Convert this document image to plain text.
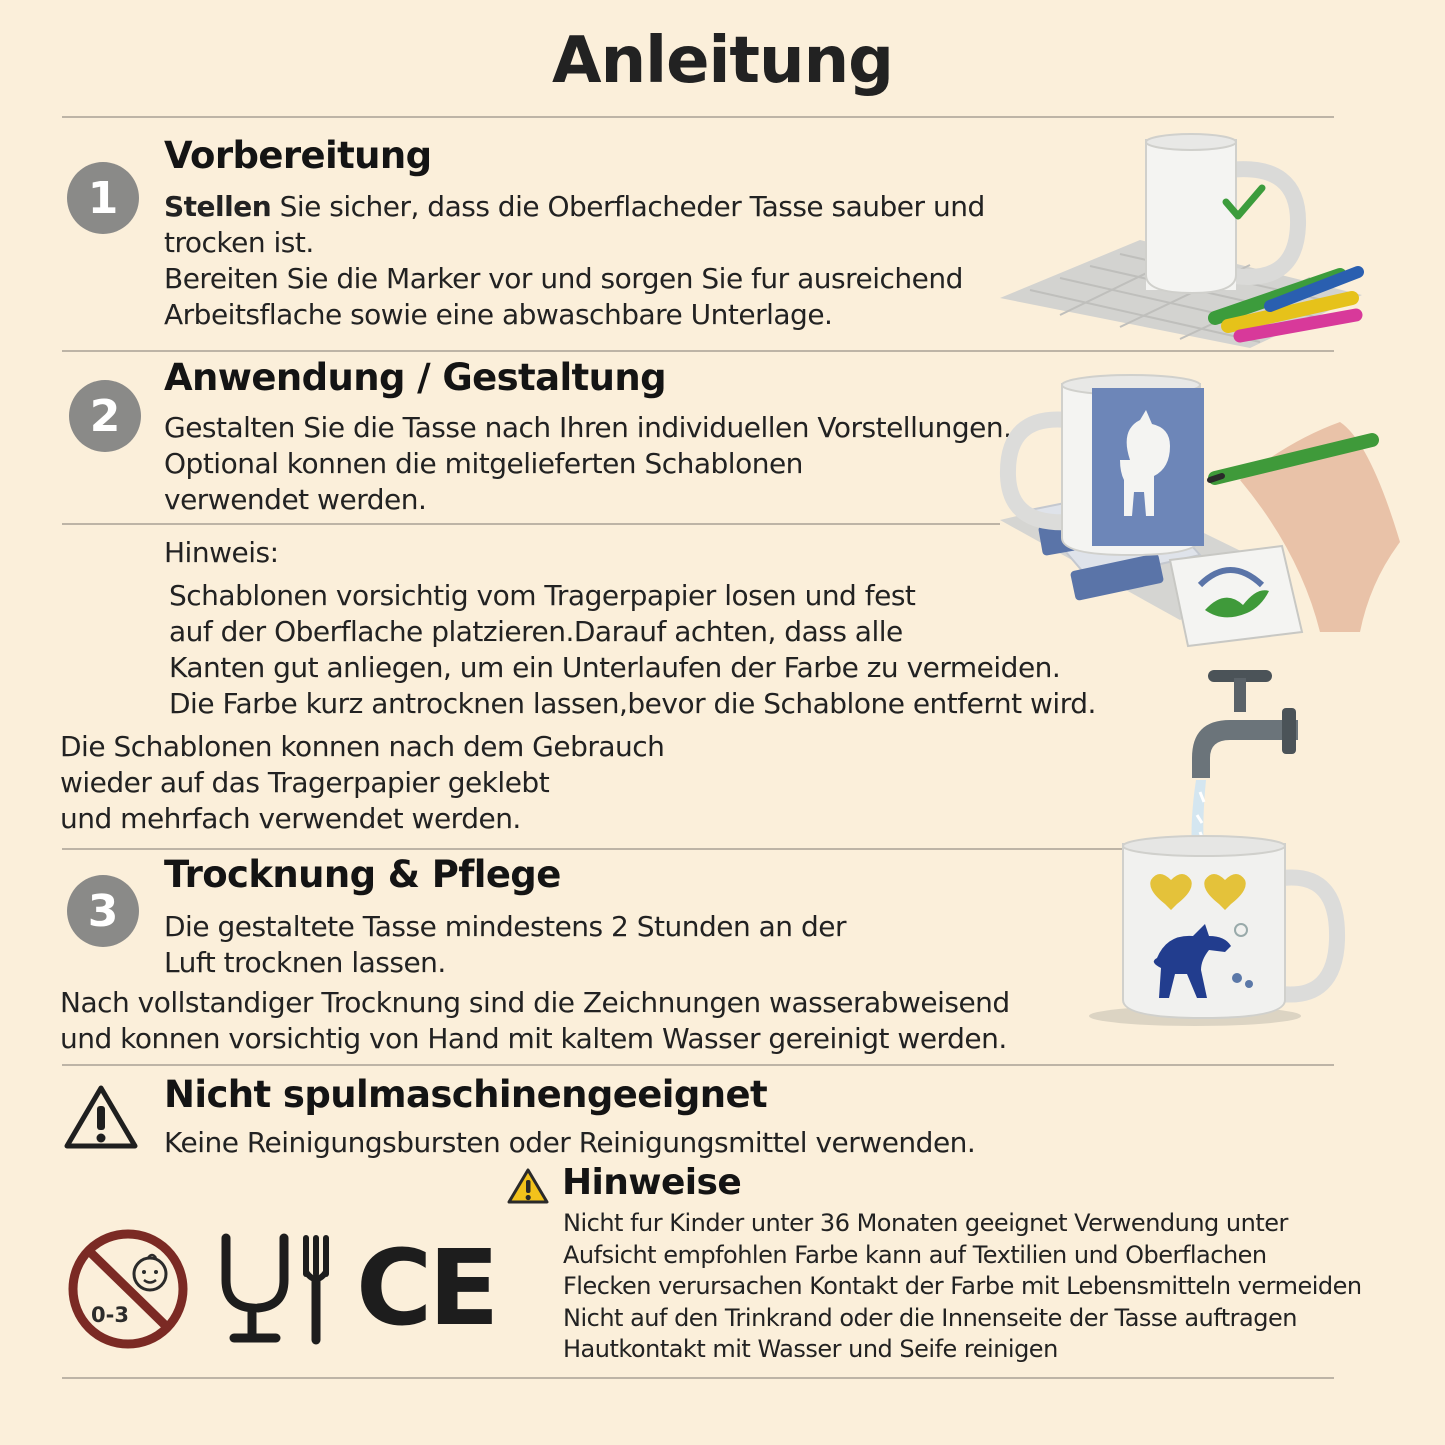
Anleitung
1
Vorbereitung
Stellen Sie sicher, dass die Oberflacheder Tasse sauber und
trocken ist.
Bereiten Sie die Marker vor und sorgen Sie fur ausreichend
Arbeitsflache sowie eine abwaschbare Unterlage.
2
Anwendung / Gestaltung
Gestalten Sie die Tasse nach Ihren individuellen Vorstellungen.
Optional konnen die mitgelieferten Schablonen
verwendet werden.
Hinweis:
Schablonen vorsichtig vom Tragerpapier losen und fest
auf der Oberflache platzieren.Darauf achten, dass alle
Kanten gut anliegen, um ein Unterlaufen der Farbe zu vermeiden.
Die Farbe kurz antrocknen lassen,bevor die Schablone entfernt wird.
Die Schablonen konnen nach dem Gebrauch
wieder auf das Tragerpapier geklebt
und mehrfach verwendet werden.
3
Trocknung & Pflege
Die gestaltete Tasse mindestens 2 Stunden an der
Luft trocknen lassen.
Nach vollstandiger Trocknung sind die Zeichnungen wasserabweisend
und konnen vorsichtig von Hand mit kaltem Wasser gereinigt werden.
Nicht spulmaschinengeeignet
Keine Reinigungsbursten oder Reinigungsmittel verwenden.
Hinweise
Nicht fur Kinder unter 36 Monaten geeignet Verwendung unter
Aufsicht empfohlen Farbe kann auf Textilien und Oberflachen
Flecken verursachen Kontakt der Farbe mit Lebensmitteln vermeiden
Nicht auf den Trinkrand oder die Innenseite der Tasse auftragen
Hautkontakt mit Wasser und Seife reinigen
0-3 CE
